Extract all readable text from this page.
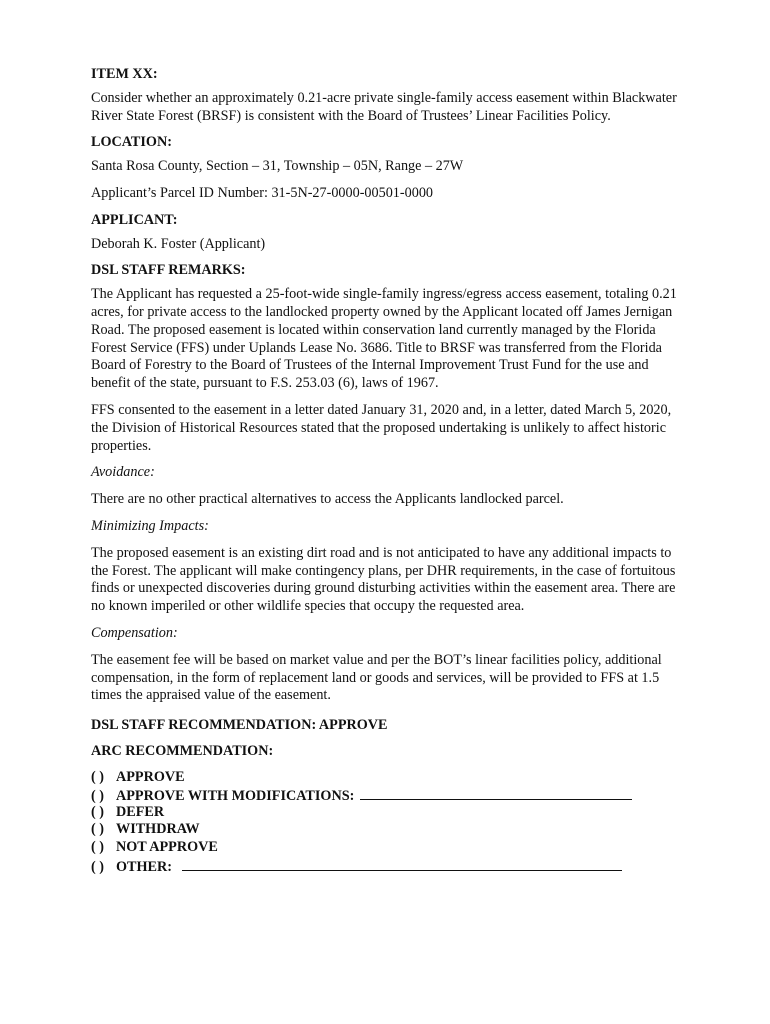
ITEM XX:
Consider whether an approximately 0.21-acre private single-family access easement within Blackwater River State Forest (BRSF) is consistent with the Board of Trustees’ Linear Facilities Policy.
LOCATION:
Santa Rosa County, Section – 31, Township – 05N, Range – 27W
Applicant’s Parcel ID Number: 31-5N-27-0000-00501-0000
APPLICANT:
Deborah K. Foster (Applicant)
DSL STAFF REMARKS:
The Applicant has requested a 25-foot-wide single-family ingress/egress access easement, totaling 0.21 acres, for private access to the landlocked property owned by the Applicant located off James Jernigan Road. The proposed easement is located within conservation land currently managed by the Florida Forest Service (FFS) under Uplands Lease No. 3686. Title to BRSF was transferred from the Florida Board of Forestry to the Board of Trustees of the Internal Improvement Trust Fund for the use and benefit of the state, pursuant to F.S. 253.03 (6), laws of 1967.
FFS consented to the easement in a letter dated January 31, 2020 and, in a letter, dated March 5, 2020, the Division of Historical Resources stated that the proposed undertaking is unlikely to affect historic properties.
Avoidance:
There are no other practical alternatives to access the Applicants landlocked parcel.
Minimizing Impacts:
The proposed easement is an existing dirt road and is not anticipated to have any additional impacts to the Forest. The applicant will make contingency plans, per DHR requirements, in the case of fortuitous finds or unexpected discoveries during ground disturbing activities within the easement area. There are no known imperiled or other wildlife species that occupy the requested area.
Compensation:
The easement fee will be based on market value and per the BOT’s linear facilities policy, additional compensation, in the form of replacement land or goods and services, will be provided to FFS at 1.5 times the appraised value of the easement.
DSL STAFF RECOMMENDATION: APPROVE
ARC RECOMMENDATION:
( ) APPROVE
( ) APPROVE WITH MODIFICATIONS:
( ) DEFER
( ) WITHDRAW
( ) NOT APPROVE
( ) OTHER:
